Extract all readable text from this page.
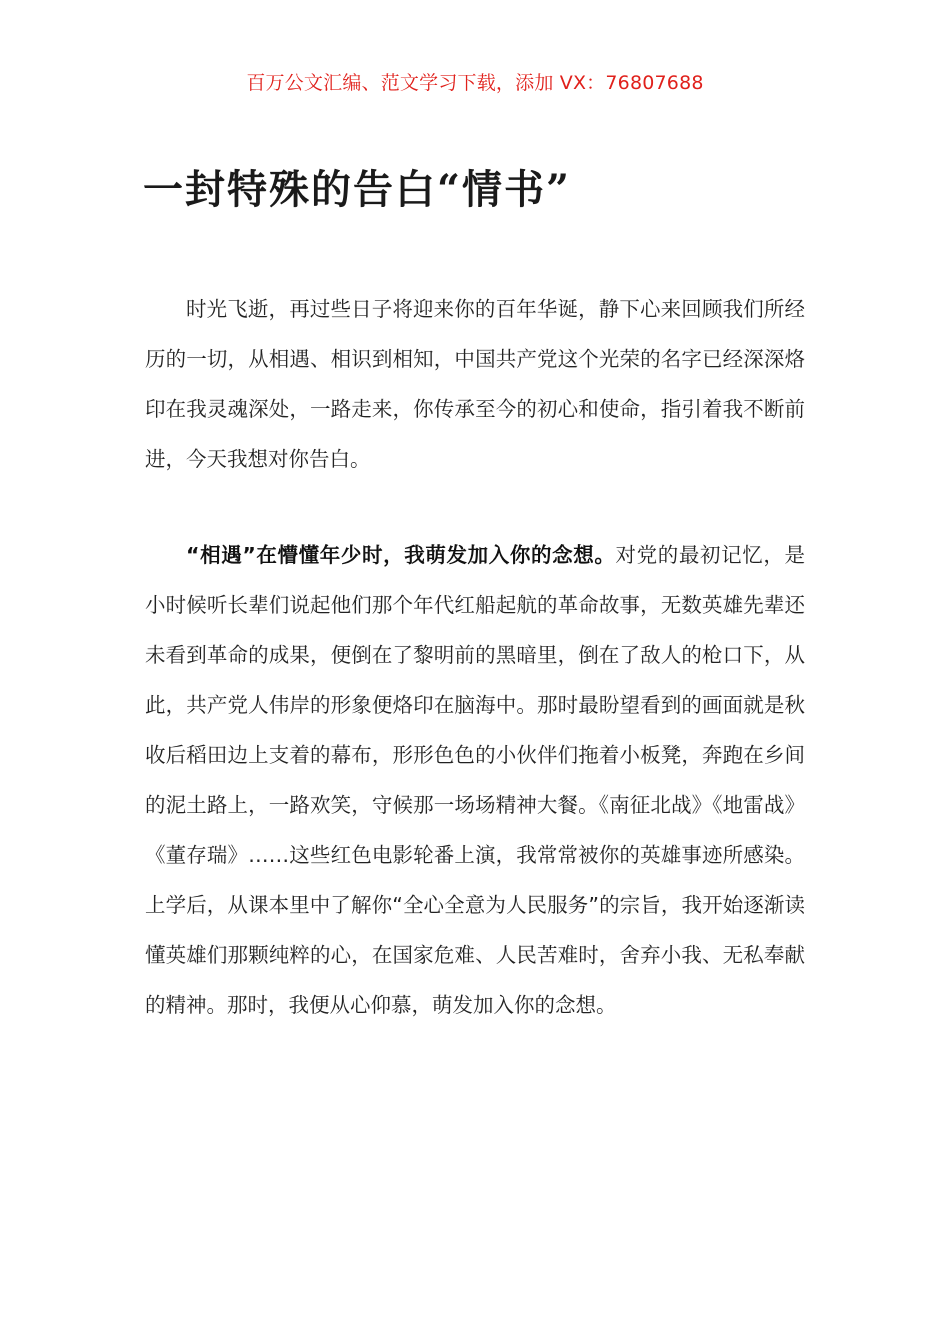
百万公文汇编、范文学习下载，添加 VX：76807688
一封特殊的告白“情书”

时光飞逝，再过些日子将迎来你的百年华诞，静下心来回顾我们所经历的一切，从相遇、相识到相知，中国共产党这个光荣的名字已经深深烙印在我灵魂深处，一路走来，你传承至今的初心和使命，指引着我不断前进，今天我想对你告白。

“相遇”在懵懂年少时，我萌发加入你的念想。对党的最初记忆，是小时候听长辈们说起他们那个年代红船起航的革命故事，无数英雄先辈还未看到革命的成果，便倒在了黎明前的黑暗里，倒在了敌人的枪口下，从此，共产党人伟岸的形象便烙印在脑海中。那时最盼望看到的画面就是秋收后稻田边上支着的幕布，形形色色的小伙伴们拖着小板凳，奔跑在乡间的泥土路上，一路欢笑，守候那一场场精神大餐。《南征北战》《地雷战》《董存瑞》……这些红色电影轮番上演，我常常被你的英雄事迹所感染。上学后，从课本里中了解你“全心全意为人民服务”的宗旨，我开始逐渐读懂英雄们那颗纯粹的心，在国家危难、人民苦难时，舍弃小我、无私奉献的精神。那时，我便从心仰慕，萌发加入你的念想。
